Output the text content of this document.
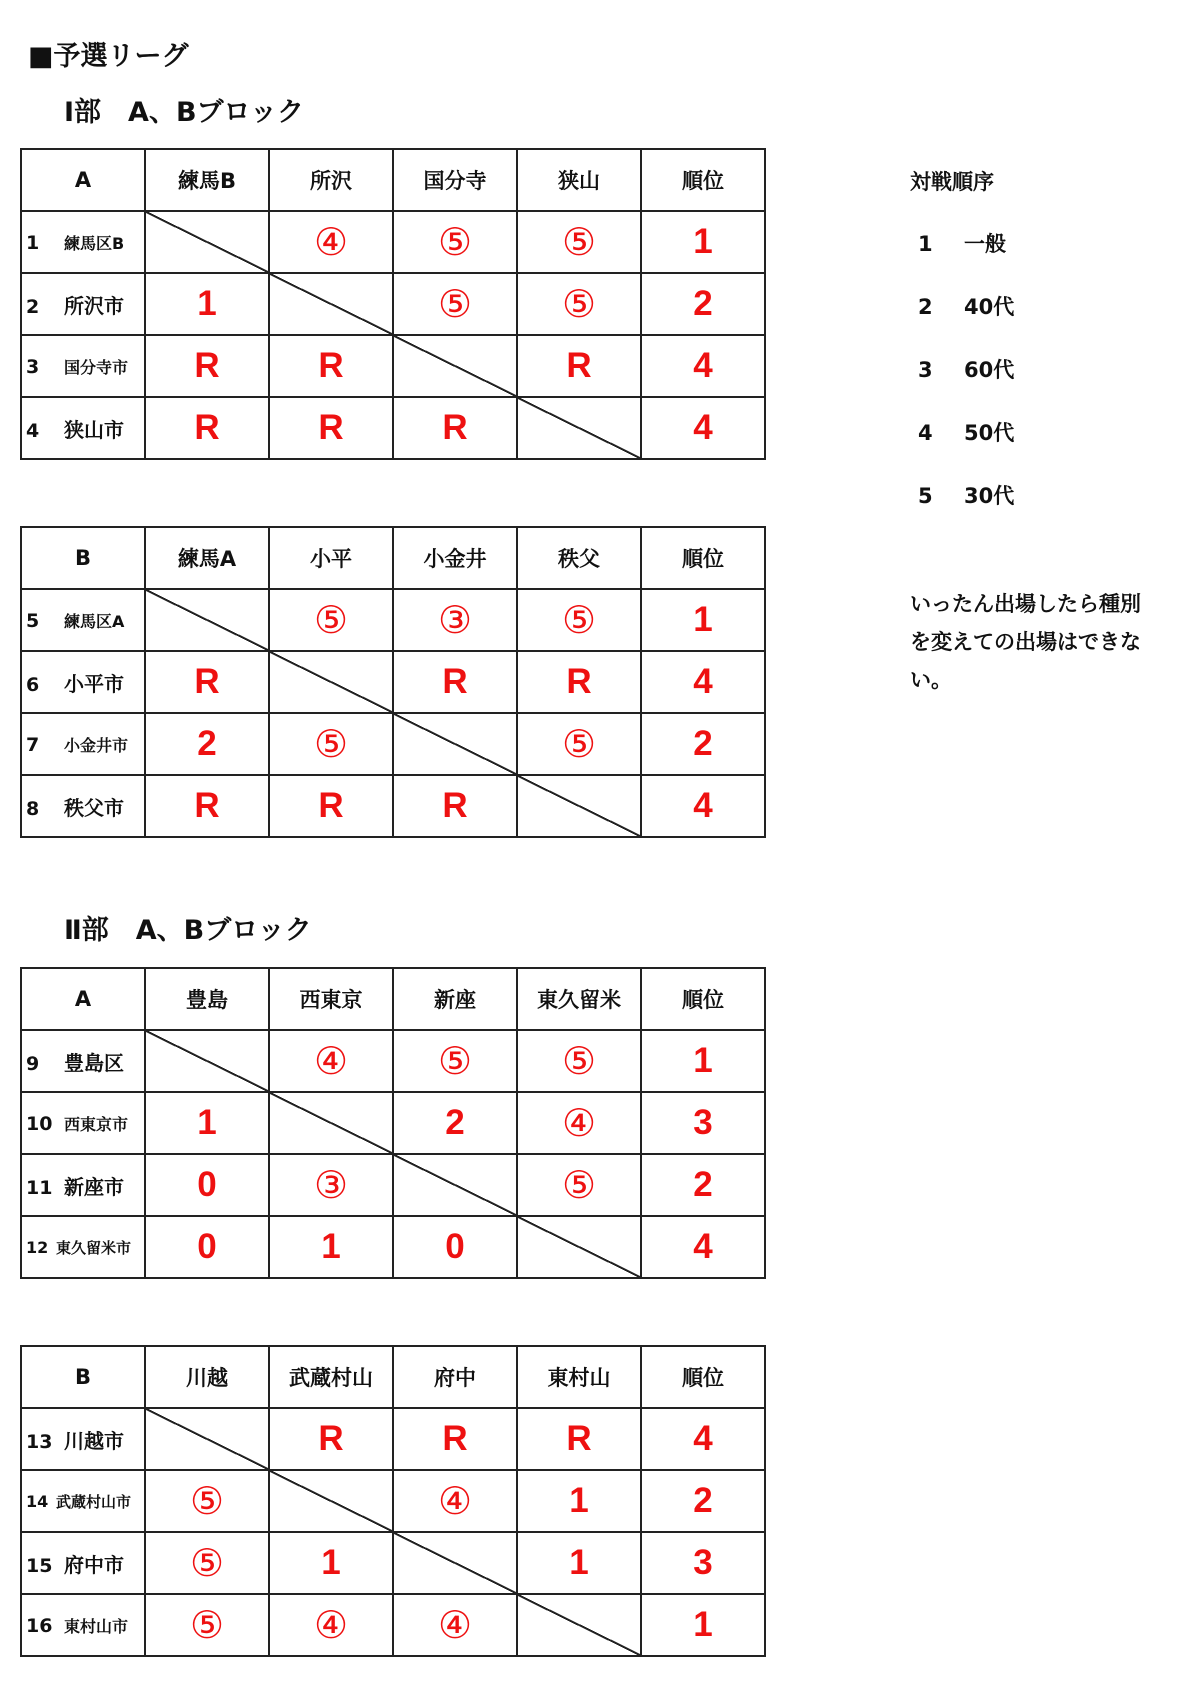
■予選リーグ
Ⅰ部　A、Bブロック
A	練馬B	所沢	国分寺	狭山	順位
1 練馬区B		④	⑤	⑤	1
2 所沢市	1		⑤	⑤	2
3 国分寺市	R	R		R	4
4 狭山市	R	R	R		4
B	練馬A	小平	小金井	秩父	順位
5 練馬区A		⑤	③	⑤	1
6 小平市	R		R	R	4
7 小金井市	2	⑤		⑤	2
8 秩父市	R	R	R		4
Ⅱ部　A、Bブロック
A	豊島	西東京	新座	東久留米	順位
9 豊島区		④	⑤	⑤	1
10 西東京市	1		2	④	3
11 新座市	0	③		⑤	2
12 東久留米市	0	1	0		4
B	川越	武蔵村山	府中	東村山	順位
13 川越市		R	R	R	4
14 武蔵村山市	⑤		④	1	2
15 府中市	⑤	1		1	3
16 東村山市	⑤	④	④		1
対戦順序
1 一般
2 40代
3 60代
4 50代
5 30代
いったん出場したら種別を変えての出場はできない。
